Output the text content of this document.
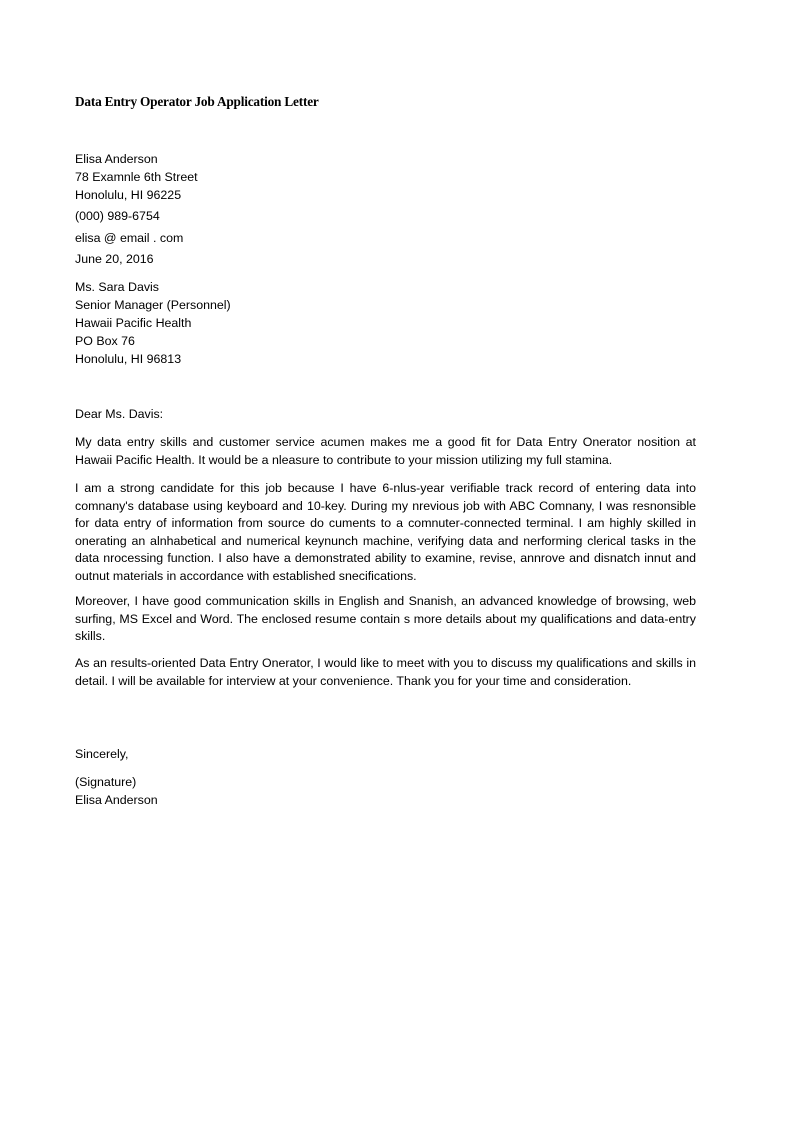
Data Entry Operator Job Application Letter
Elisa Anderson
78 Examnle 6th Street
Honolulu, HI 96225
(000) 989-6754
elisa @ email . com
June 20, 2016
Ms. Sara Davis
Senior Manager (Personnel)
Hawaii Pacific Health
PO Box 76
Honolulu, HI 96813
Dear Ms. Davis:
My data entry skills and customer service acumen makes me a good fit for Data Entry Onerator nosition at Hawaii Pacific Health. It would be a nleasure to contribute to your mission utilizing my full stamina.
I am a strong candidate for this job because I have 6-nlus-year verifiable track record of entering data into comnany's database using keyboard and 10-key. During my nrevious job with ABC Comnany, I was resnonsible for data entry of information from source do cuments to a comnuter-connected terminal. I am highly skilled in onerating an alnhabetical and numerical keynunch machine, verifying data and nerforming clerical tasks in the data nrocessing function. I also have a demonstrated ability to examine, revise, annrove and disnatch innut and outnut materials in accordance with established snecifications.
Moreover, I have good communication skills in English and Snanish, an advanced knowledge of browsing, web surfing, MS Excel and Word. The enclosed resume contain s more details about my qualifications and data-entry skills.
As an results-oriented Data Entry Onerator, I would like to meet with you to discuss my qualifications and skills in detail. I will be available for interview at your convenience. Thank you for your time and consideration.
Sincerely,
(Signature)
Elisa Anderson
